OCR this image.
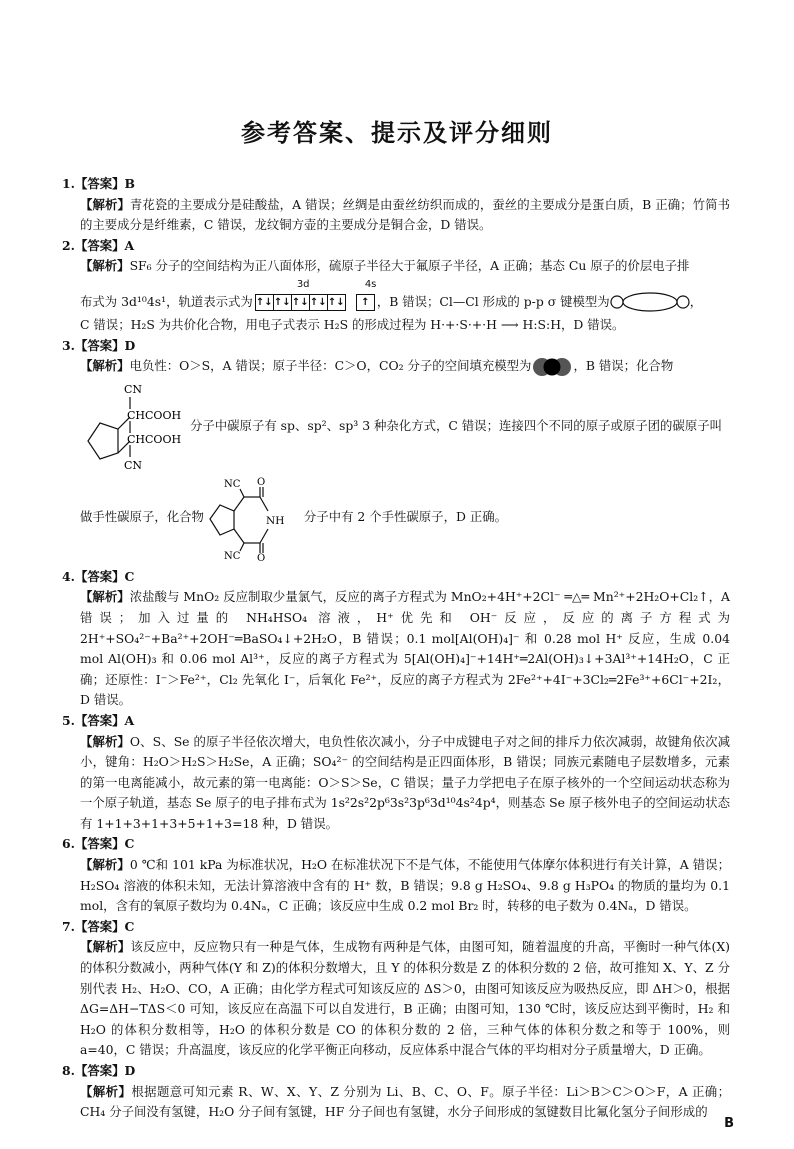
参考答案、提示及评分细则

1.【答案】B

【解析】青花瓷的主要成分是硅酸盐，A 错误；丝绸是由蚕丝纺织而成的，蚕丝的主要成分是蛋白质，B 正确；竹简书的主要成分是纤维素，C 错误，龙纹铜方壶的主要成分是铜合金，D 错误。

2.【答案】A

【解析】SF₆ 分子的空间结构为正八面体形，硫原子半径大于氟原子半径，A 正确；基态 Cu 原子的价层电子排

布式为 3d¹⁰4s¹，轨道表示式为
3d
↑↓ ↑↓ ↑↓ ↑↓ ↑↓
4s
↑ ，B 错误；Cl—Cl 形成的 p-p σ 键模型为	，

C 错误；H₂S 为共价化合物，用电子式表示 H₂S 的形成过程为 H·+·S·+·H ⟶ H:S:H，D 错误。

3.【答案】D

【解析】电负性：O＞S，A 错误；原子半径：C＞O，CO₂ 分子的空间填充模型为	，B 错误；化合物

CN
CHCOOH
CHCOOH
CN
分子中碳原子有 sp、sp²、sp³ 3 种杂化方式，C 错误；连接四个不同的原子或原子团的碳原子叫
做手性碳原子，化合物
NC O
NH
NC O
分子中有 2 个手性碳原子，D 正确。

4.【答案】C

【解析】浓盐酸与 MnO₂ 反应制取少量氯气，反应的离子方程式为 MnO₂+4H⁺+2Cl⁻ ═△═ Mn²⁺+2H₂O+Cl₂↑，A 错误；加入过量的 NH₄HSO₄ 溶液，H⁺优先和 OH⁻反应，反应的离子方程式为 2H⁺+SO₄²⁻+Ba²⁺+2OH⁻═BaSO₄↓+2H₂O，B 错误；0.1 mol[Al(OH)₄]⁻ 和 0.28 mol H⁺ 反应，生成 0.04 mol Al(OH)₃ 和 0.06 mol Al³⁺，反应的离子方程式为 5[Al(OH)₄]⁻+14H⁺═2Al(OH)₃↓+3Al³⁺+14H₂O，C 正确；还原性：I⁻＞Fe²⁺，Cl₂ 先氧化 I⁻，后氧化 Fe²⁺，反应的离子方程式为 2Fe²⁺+4I⁻+3Cl₂═2Fe³⁺+6Cl⁻+2I₂，D 错误。

5.【答案】A

【解析】O、S、Se 的原子半径依次增大，电负性依次减小，分子中成键电子对之间的排斥力依次减弱，故键角依次减小，键角：H₂O＞H₂S＞H₂Se，A 正确；SO₄²⁻ 的空间结构是正四面体形，B 错误；同族元素随电子层数增多，元素的第一电离能减小，故元素的第一电离能：O＞S＞Se，C 错误；量子力学把电子在原子核外的一个空间运动状态称为一个原子轨道，基态 Se 原子的电子排布式为 1s²2s²2p⁶3s²3p⁶3d¹⁰4s²4p⁴，则基态 Se 原子核外电子的空间运动状态有 1+1+3+1+3+5+1+3=18 种，D 错误。

6.【答案】C

【解析】0 ℃和 101 kPa 为标准状况，H₂O 在标准状况下不是气体，不能使用气体摩尔体积进行有关计算，A 错误；H₂SO₄ 溶液的体积未知，无法计算溶液中含有的 H⁺ 数，B 错误；9.8 g H₂SO₄、9.8 g H₃PO₄ 的物质的量均为 0.1 mol，含有的氧原子数均为 0.4Nₐ，C 正确；该反应中生成 0.2 mol Br₂ 时，转移的电子数为 0.4Nₐ，D 错误。

7.【答案】C

【解析】该反应中，反应物只有一种是气体，生成物有两种是气体，由图可知，随着温度的升高，平衡时一种气体(X)的体积分数减小，两种气体(Y 和 Z)的体积分数增大，且 Y 的体积分数是 Z 的体积分数的 2 倍，故可推知 X、Y、Z 分别代表 H₂、H₂O、CO，A 正确；由化学方程式可知该反应的 ΔS＞0，由图可知该反应为吸热反应，即 ΔH＞0，根据 ΔG=ΔH−TΔS＜0 可知，该反应在高温下可以自发进行，B 正确；由图可知，130 ℃时，该反应达到平衡时，H₂ 和 H₂O 的体积分数相等，H₂O 的体积分数是 CO 的体积分数的 2 倍，三种气体的体积分数之和等于 100%，则 a=40，C 错误；升高温度，该反应的化学平衡正向移动，反应体系中混合气体的平均相对分子质量增大，D 正确。

8.【答案】D

【解析】根据题意可知元素 R、W、X、Y、Z 分别为 Li、B、C、O、F。原子半径：Li＞B＞C＞O＞F，A 正确；CH₄ 分子间没有氢键，H₂O 分子间有氢键，HF 分子间也有氢键，水分子间形成的氢键数目比氟化氢分子间形成的

B
